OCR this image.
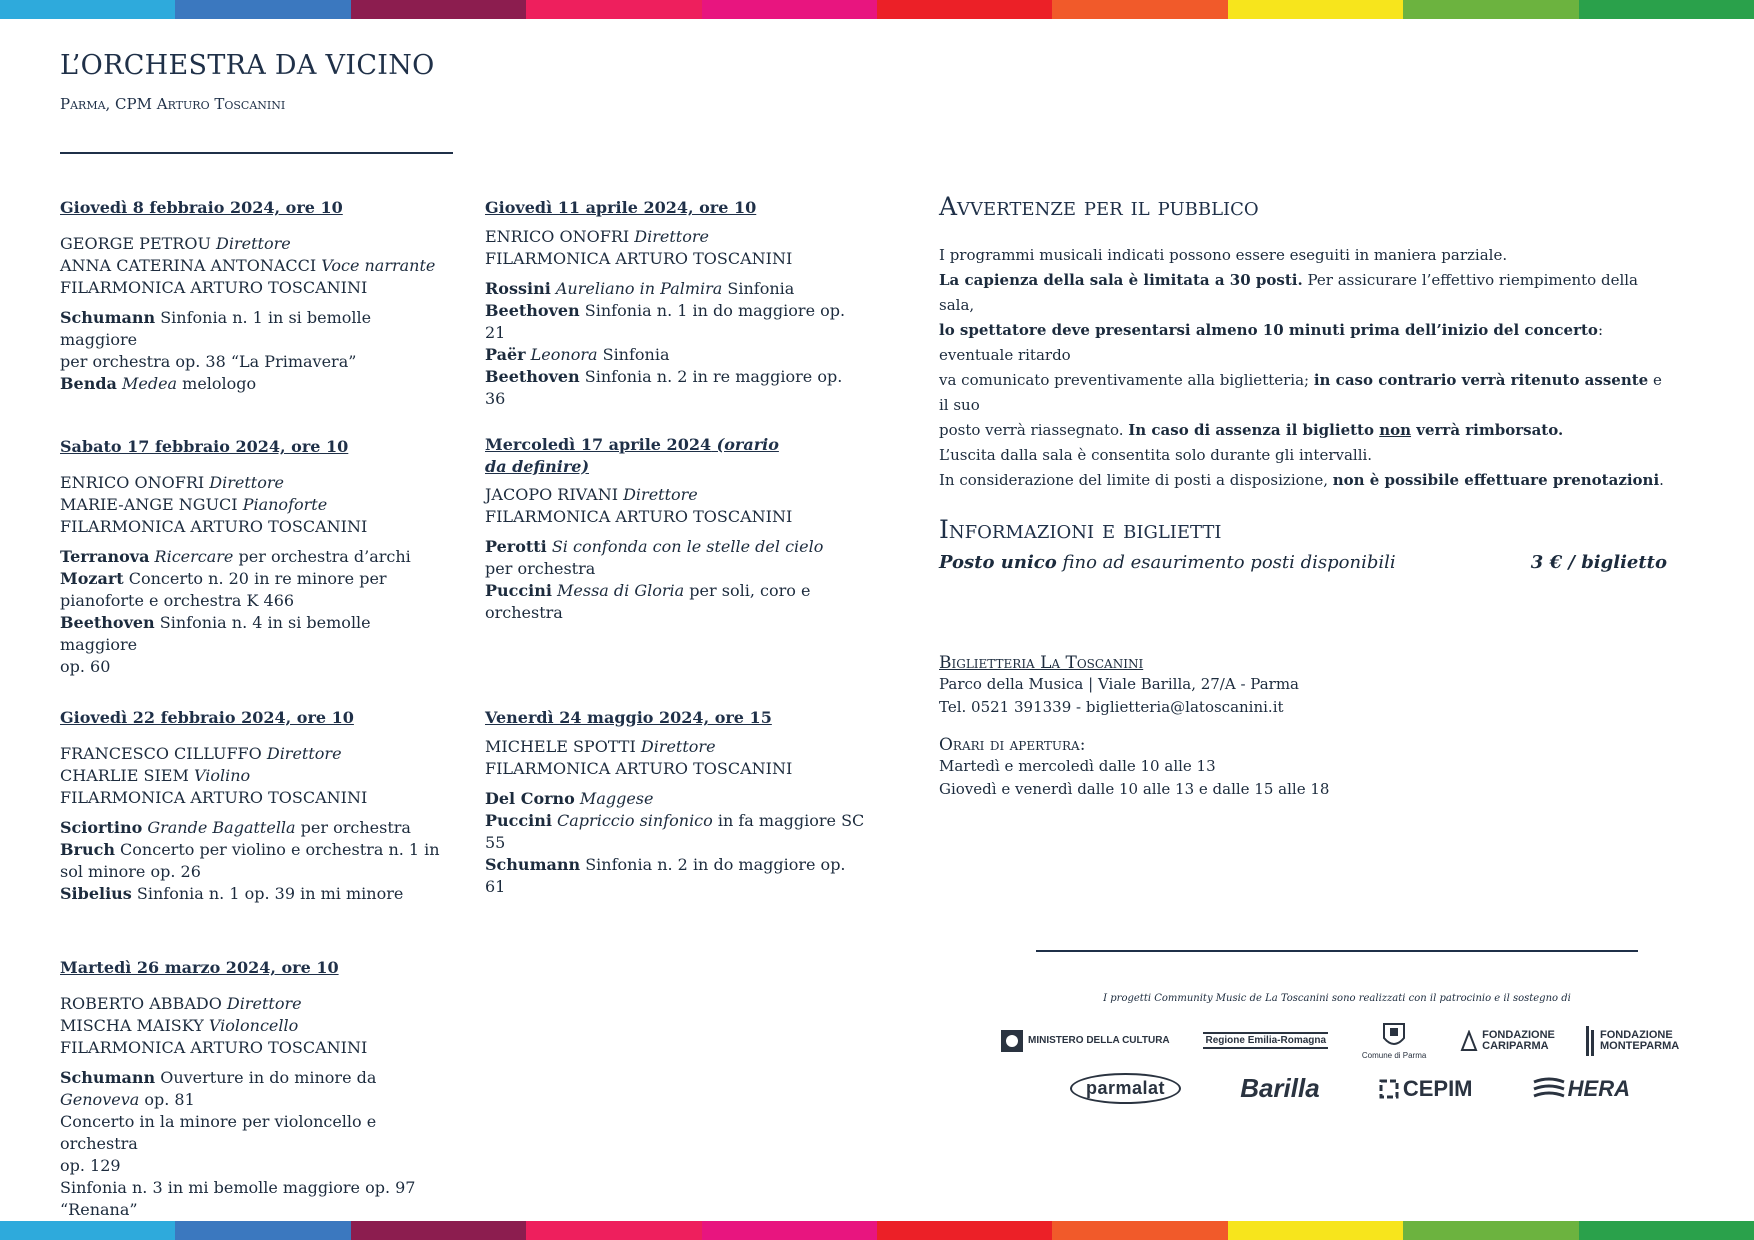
L’ORCHESTRA DA VICINO
Parma, CPM Arturo Toscanini
Giovedì 8 febbraio 2024, ore 10
GEORGE PETROU Direttore
ANNA CATERINA ANTONACCI Voce narrante
FILARMONICA ARTURO TOSCANINI
Schumann Sinfonia n. 1 in si bemolle maggiore
per orchestra op. 38 “La Primavera”
Benda Medea melologo
Sabato 17 febbraio 2024, ore 10
ENRICO ONOFRI Direttore
MARIE-ANGE NGUCI Pianoforte
FILARMONICA ARTURO TOSCANINI
Terranova Ricercare per orchestra d’archi
Mozart Concerto n. 20 in re minore per
pianoforte e orchestra K 466
Beethoven Sinfonia n. 4 in si bemolle maggiore
op. 60
Giovedì 22 febbraio 2024, ore 10
FRANCESCO CILLUFFO Direttore
CHARLIE SIEM Violino
FILARMONICA ARTURO TOSCANINI
Sciortino Grande Bagattella per orchestra
Bruch Concerto per violino e orchestra n. 1 in
sol minore op. 26
Sibelius Sinfonia n. 1 op. 39 in mi minore
Martedì 26 marzo 2024, ore 10
ROBERTO ABBADO Direttore
MISCHA MAISKY Violoncello
FILARMONICA ARTURO TOSCANINI
Schumann Ouverture in do minore da
Genoveva op. 81
Concerto in la minore per violoncello e orchestra
op. 129
Sinfonia n. 3 in mi bemolle maggiore op. 97
“Renana”
Giovedì 11 aprile 2024, ore 10
ENRICO ONOFRI Direttore
FILARMONICA ARTURO TOSCANINI
Rossini Aureliano in Palmira Sinfonia
Beethoven Sinfonia n. 1 in do maggiore op.
21
Paër Leonora Sinfonia
Beethoven Sinfonia n. 2 in re maggiore op. 36
Mercoledì 17 aprile 2024 (orario da definire)
JACOPO RIVANI Direttore
FILARMONICA ARTURO TOSCANINI
Perotti Si confonda con le stelle del cielo
per orchestra
Puccini Messa di Gloria per soli, coro e
orchestra
Venerdì 24 maggio 2024, ore 15
MICHELE SPOTTI Direttore
FILARMONICA ARTURO TOSCANINI
Del Corno Maggese
Puccini Capriccio sinfonico in fa maggiore SC
55
Schumann Sinfonia n. 2 in do maggiore op. 61
Avvertenze per il pubblico
I programmi musicali indicati possono essere eseguiti in maniera parziale.
La capienza della sala è limitata a 30 posti. Per assicurare l’effettivo riempimento della sala,
lo spettatore deve presentarsi almeno 10 minuti prima dell’inizio del concerto: eventuale ritardo
va comunicato preventivamente alla biglietteria; in caso contrario verrà ritenuto assente e il suo
posto verrà riassegnato. In caso di assenza il biglietto non verrà rimborsato.
L’uscita dalla sala è consentita solo durante gli intervalli.
In considerazione del limite di posti a disposizione, non è possibile effettuare prenotazioni.
Informazioni e biglietti
Posto unico fino ad esaurimento posti disponibili	3 € / biglietto
Biglietteria La Toscanini
Parco della Musica | Viale Barilla, 27/A - Parma
Tel. 0521 391339 - biglietteria@latoscanini.it
Orari di apertura:
Martedì e mercoledì dalle 10 alle 13
Giovedì e venerdì dalle 10 alle 13 e dalle 15 alle 18
I progetti Community Music de La Toscanini sono realizzati con il patrocinio e il sostegno di
MINISTERO DELLA CULTURA	Regione Emilia-Romagna
Comune di Parma
FONDAZIONE CARIPARMA
FONDAZIONE MONTEPARMA
parmalat	Barilla	CEPIM	HERA
